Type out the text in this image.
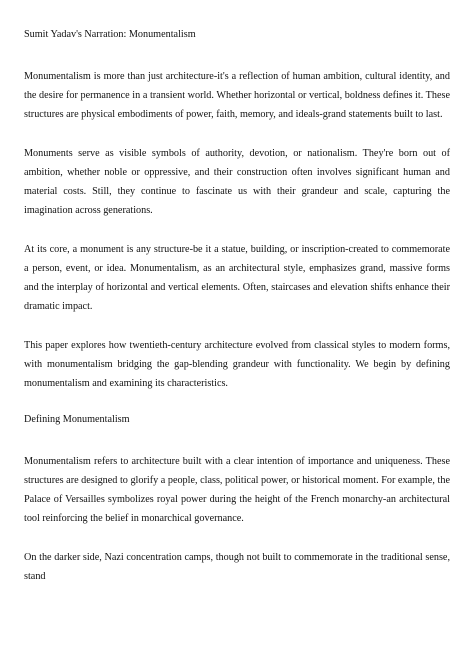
Sumit Yadav's Narration: Monumentalism

Monumentalism is more than just architecture-it's a reflection of human ambition, cultural identity, and the desire for permanence in a transient world. Whether horizontal or vertical, boldness defines it. These structures are physical embodiments of power, faith, memory, and ideals-grand statements built to last.

Monuments serve as visible symbols of authority, devotion, or nationalism. They're born out of ambition, whether noble or oppressive, and their construction often involves significant human and material costs. Still, they continue to fascinate us with their grandeur and scale, capturing the imagination across generations.

At its core, a monument is any structure-be it a statue, building, or inscription-created to commemorate a person, event, or idea. Monumentalism, as an architectural style, emphasizes grand, massive forms and the interplay of horizontal and vertical elements. Often, staircases and elevation shifts enhance their dramatic impact.

This paper explores how twentieth-century architecture evolved from classical styles to modern forms, with monumentalism bridging the gap-blending grandeur with functionality. We begin by defining monumentalism and examining its characteristics.

Defining Monumentalism

Monumentalism refers to architecture built with a clear intention of importance and uniqueness. These structures are designed to glorify a people, class, political power, or historical moment. For example, the Palace of Versailles symbolizes royal power during the height of the French monarchy-an architectural tool reinforcing the belief in monarchical governance.

On the darker side, Nazi concentration camps, though not built to commemorate in the traditional sense, stand
